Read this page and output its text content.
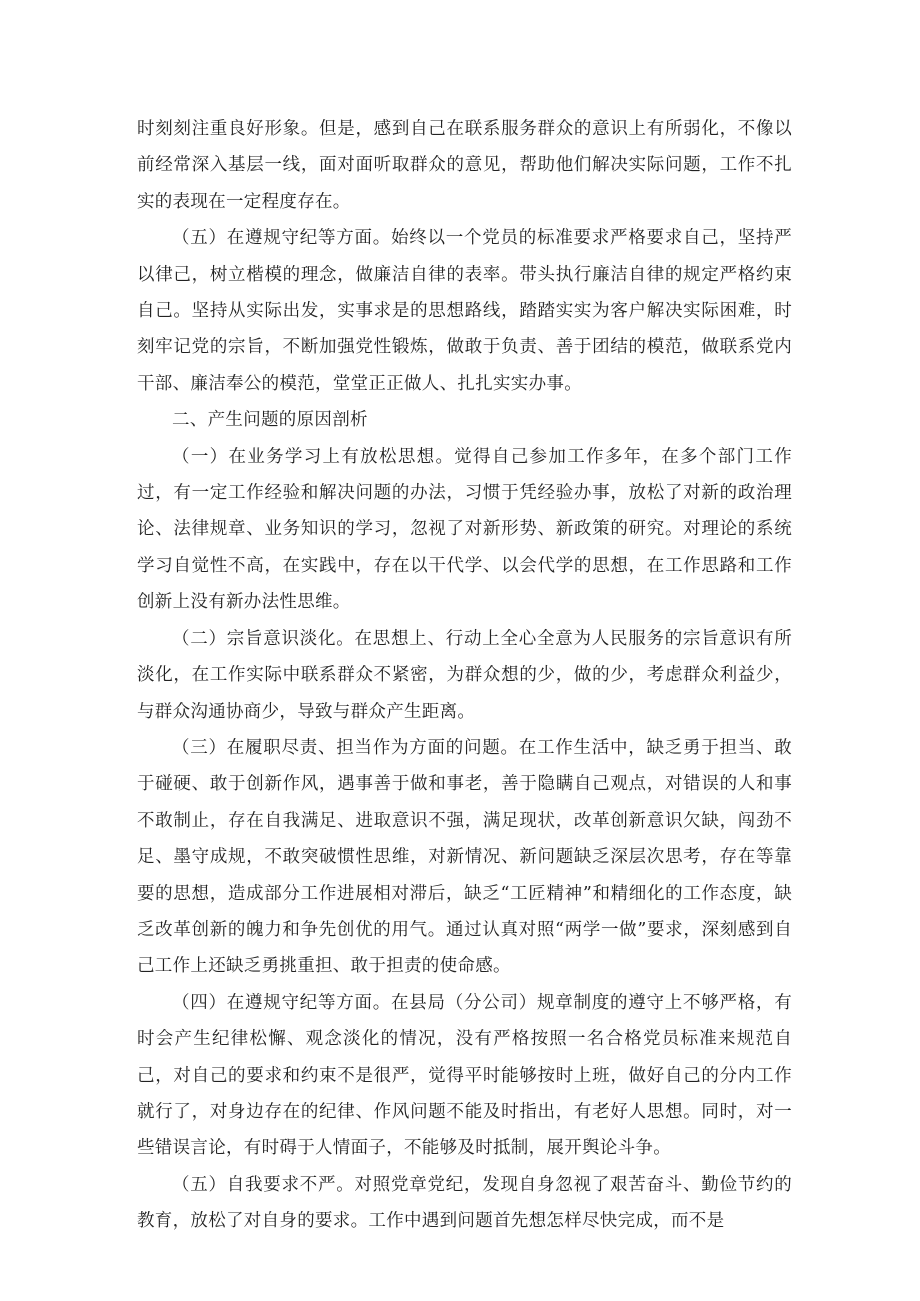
时刻刻注重良好形象。但是，感到自己在联系服务群众的意识上有所弱化，不像以前经常深入基层一线，面对面听取群众的意见，帮助他们解决实际问题，工作不扎实的表现在一定程度存在。

（五）在遵规守纪等方面。始终以一个党员的标准要求严格要求自己，坚持严以律己，树立楷模的理念，做廉洁自律的表率。带头执行廉洁自律的规定严格约束自己。坚持从实际出发，实事求是的思想路线，踏踏实实为客户解决实际困难，时刻牢记党的宗旨，不断加强党性锻炼，做敢于负责、善于团结的模范，做联系党内干部、廉洁奉公的模范，堂堂正正做人、扎扎实实办事。

二、产生问题的原因剖析

（一）在业务学习上有放松思想。觉得自己参加工作多年，在多个部门工作过，有一定工作经验和解决问题的办法，习惯于凭经验办事，放松了对新的政治理论、法律规章、业务知识的学习，忽视了对新形势、新政策的研究。对理论的系统学习自觉性不高，在实践中，存在以干代学、以会代学的思想，在工作思路和工作创新上没有新办法性思维。

（二）宗旨意识淡化。在思想上、行动上全心全意为人民服务的宗旨意识有所淡化，在工作实际中联系群众不紧密，为群众想的少，做的少，考虑群众利益少，与群众沟通协商少，导致与群众产生距离。

（三）在履职尽责、担当作为方面的问题。在工作生活中，缺乏勇于担当、敢于碰硬、敢于创新作风，遇事善于做和事老，善于隐瞒自己观点，对错误的人和事不敢制止，存在自我满足、进取意识不强，满足现状，改革创新意识欠缺，闯劲不足、墨守成规，不敢突破惯性思维，对新情况、新问题缺乏深层次思考，存在等靠要的思想，造成部分工作进展相对滞后，缺乏“工匠精神”和精细化的工作态度，缺乏改革创新的魄力和争先创优的用气。通过认真对照“两学一做”要求，深刻感到自己工作上还缺乏勇挑重担、敢于担责的使命感。

（四）在遵规守纪等方面。在县局（分公司）规章制度的遵守上不够严格，有时会产生纪律松懈、观念淡化的情况，没有严格按照一名合格党员标准来规范自己，对自己的要求和约束不是很严，觉得平时能够按时上班，做好自己的分内工作就行了，对身边存在的纪律、作风问题不能及时指出，有老好人思想。同时，对一些错误言论，有时碍于人情面子，不能够及时抵制，展开舆论斗争。

（五）自我要求不严。对照党章党纪，发现自身忽视了艰苦奋斗、勤俭节约的教育，放松了对自身的要求。工作中遇到问题首先想怎样尽快完成，而不是
